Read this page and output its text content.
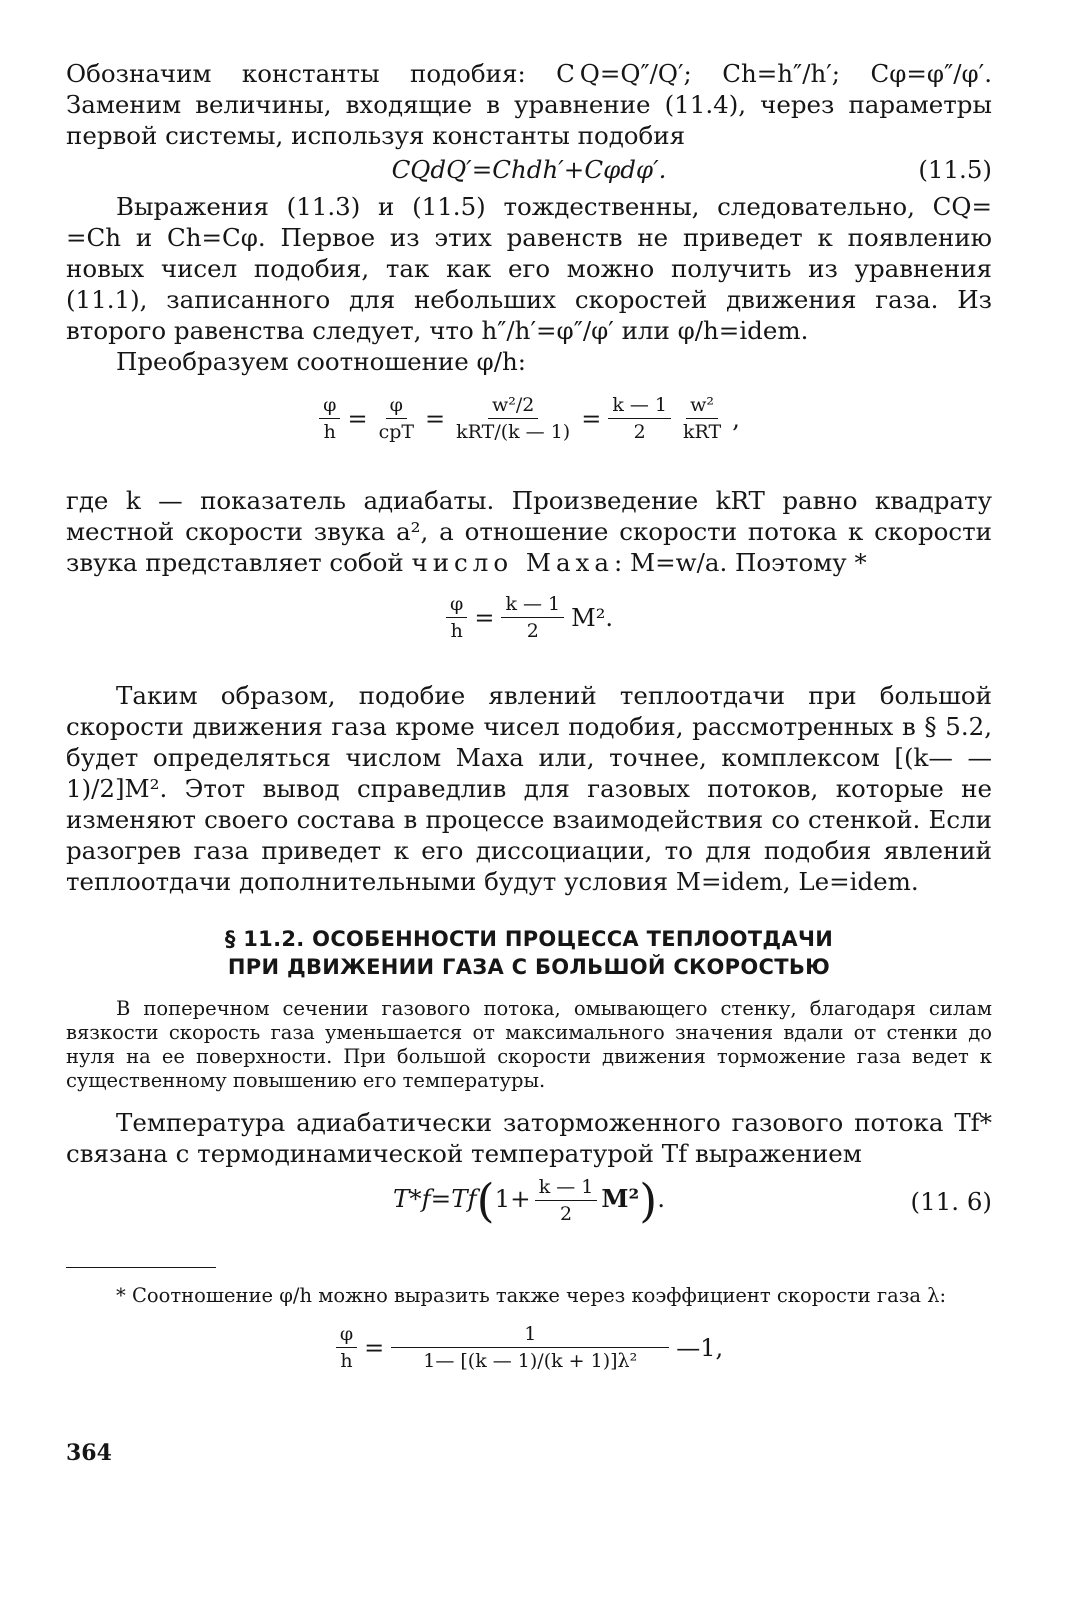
Обозначим константы подобия: C Q=Q″/Q′; Ch=h″/h′; Cφ=φ″/φ′. Заменим величины, входящие в уравнение (11.4), через параметры первой системы, используя константы подобия

CQdQ′=Chdh′+Cφdφ′.	(11.5)

Выражения (11.3) и (11.5) тождественны, следовательно, CQ= =Ch и Ch=Cφ. Первое из этих равенств не приведет к появлению новых чисел подобия, так как его можно получить из уравнения (11.1), записанного для небольших скоростей движения газа. Из второго равенства следует, что h″/h′=φ″/φ′ или φ/h=idem.

Преобразуем соотношение φ/h:

$\frac{\varphi}{h} = \frac{\varphi}{\text{cpT}} = \frac{\text{w²/2}}{\text{kRT/(k — 1)}} = \frac{k — 1}{2} \frac{\text{w²}}{\text{kRT}}$ ,

где k — показатель адиабаты. Произведение kRT равно квадрату местной скорости звука a², а отношение скорости потока к скорости звука представляет собой число Маха: M=w/a. Поэтому *

$\frac{\varphi}{h} = \frac{k — 1}{2} M^2$.

Таким образом, подобие явлений теплоотдачи при большой скорости движения газа кроме чисел подобия, рассмотренных в § 5.2, будет определяться числом Маха или, точнее, комплексом [(k— —1)/2]M². Этот вывод справедлив для газовых потоков, которые не изменяют своего состава в процессе взаимодействия со стенкой. Если разогрев газа приведет к его диссоциации, то для подобия явлений теплоотдачи дополнительными будут условия M=idem, Le=idem.

§ 11.2. ОСОБЕННОСТИ ПРОЦЕССА ТЕПЛООТДАЧИ

ПРИ ДВИЖЕНИИ ГАЗА С БОЛЬШОЙ СКОРОСТЬЮ

В поперечном сечении газового потока, омывающего стенку, благодаря силам вязкости скорость газа уменьшается от максимального значения вдали от стенки до нуля на ее поверхности. При большой скорости движения торможение газа ведет к существенному повышению его температуры.

Температура адиабатически заторможенного газового потока Tf* связана с термодинамической температурой Tf выражением

$T*f=Tf(1+ \frac{k — 1}{2} M^2)$.	(11. 6)

* Соотношение φ/h можно выразить также через коэффициент скорости газа λ:

$\frac{\varphi}{h} = \frac{1}{\text{1— [(k — 1)/(k + 1)]λ²}}$ —1,
364
